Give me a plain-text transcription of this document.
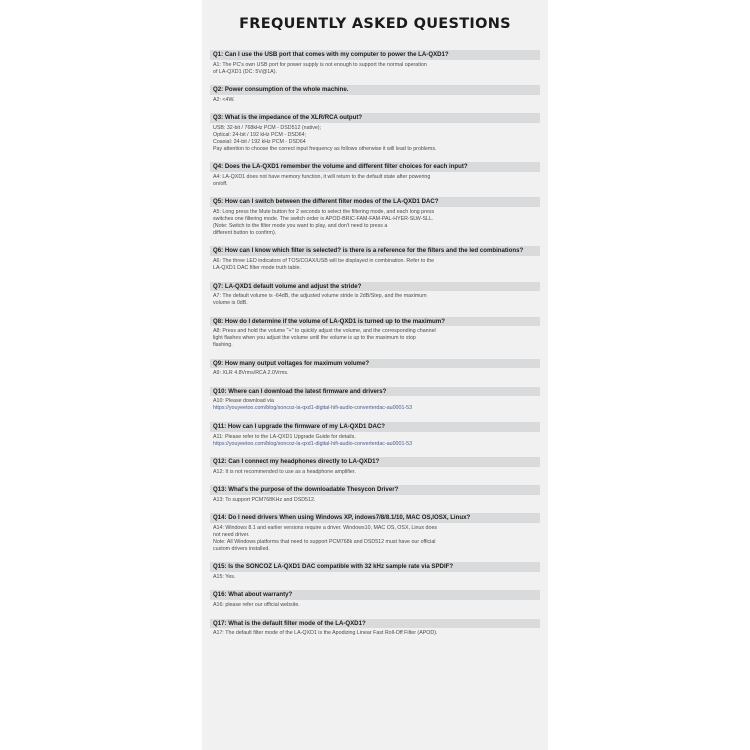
FREQUENTLY ASKED QUESTIONS
Q1: Can I use the USB port that comes with my computer to power the LA-QXD1?
A1: The PC's own USB port for power supply is not enough to support the normal operation
of LA-QXD1 (DC: 5V@1A).
Q2: Power consumption of the whole machine.
A2: <4W.
Q3: What is the impedance of the XLR/RCA output?
USB: 32-bit / 768kHz PCM - DSD512 (native);
Optical: 24-bit / 192 kHz PCM - DSD64;
Coaxial: 24-bit / 192 kHz PCM - DSD64
Pay attention to choose the correct input frequency as follows otherwise it will lead to problems.
Q4: Does the LA-QXD1 remember the volume and different filter choices for each input?
A4: LA-QXD1 does not have memory function, it will return to the default state after powering
on/off.
Q5: How can I switch between the different filter modes of the LA-QXD1 DAC?
A5: Long press the Mute button for 2 seconds to select the filtering mode, and each long press
switches one filtering mode. The switch order is APOD-BRIC-FAM-FAM-PAL-HYER-SLW-SLL.
(Note: Switch to the filter mode you want to play, and don't need to press a
different button to confirm).
Q6: How can I know which filter is selected? is there is a reference for the filters and the led combinations?
A6: The three LED indicators of TOS/COAX/USB will be displayed in combination. Refer to the
LA-QXD1 DAC filter mode truth table.
Q7: LA-QXD1 default volume and adjust the stride?
A7: The default volume is -64dB, the adjusted volume stride is 2dB/Step, and the maximum
volume is 0dB.
Q8: How do I determine if the volume of LA-QXD1 is turned up to the maximum?
A8: Press and hold the volume "+" to quickly adjust the volume, and the corresponding channel
light flashes when you adjust the volume until the volume is up to the maximum to stop
flashing.
Q9: How many output voltages for maximum volume?
A9: XLR 4.8Vrms/RCA 2.0Vrms.
Q10: Where can I download the latest firmware and drivers?
A10: Please download via
https://youyeetoo.com/blog/soncoz-la-qxd1-digital-hifi-audio-converterdac-au0001-53
Q11: How can I upgrade the firmware of my LA-QXD1 DAC?
A11: Please refer to the LA-QXD1 Upgrade Guide for details.
https://youyeetoo.com/blog/soncoz-la-qxd1-digital-hifi-audio-converterdac-au0001-53
Q12: Can I connect my headphones directly to LA-QXD1?
A12: It is not recommended to use as a headphone amplifier.
Q13: What's the purpose of the downloadable Thesycon Driver?
A13: To support PCM768KHz and DSD512.
Q14: Do I need drivers When using Windows XP, indows7/8/8.1/10, MAC OS,IOSX, Linux?
A14: Windows 8.1 and earlier versions require a driver. Windows10, MAC OS, OSX, Linux does
not need driver.
Note: All Windows platforms that need to support PCM768k and DSD512 must have our official
custom drivers installed.
Q15: Is the SONCOZ LA-QXD1 DAC compatible with 32 kHz sample rate via SPDIF?
A15: Yes.
Q16: What about warranty?
A16: please refer our official website.
Q17: What is the default filter mode of the LA-QXD1?
A17: The default filter mode of the LA-QXD1 is the Apodizing Linear Fast Roll-Off Filter (APOD).
